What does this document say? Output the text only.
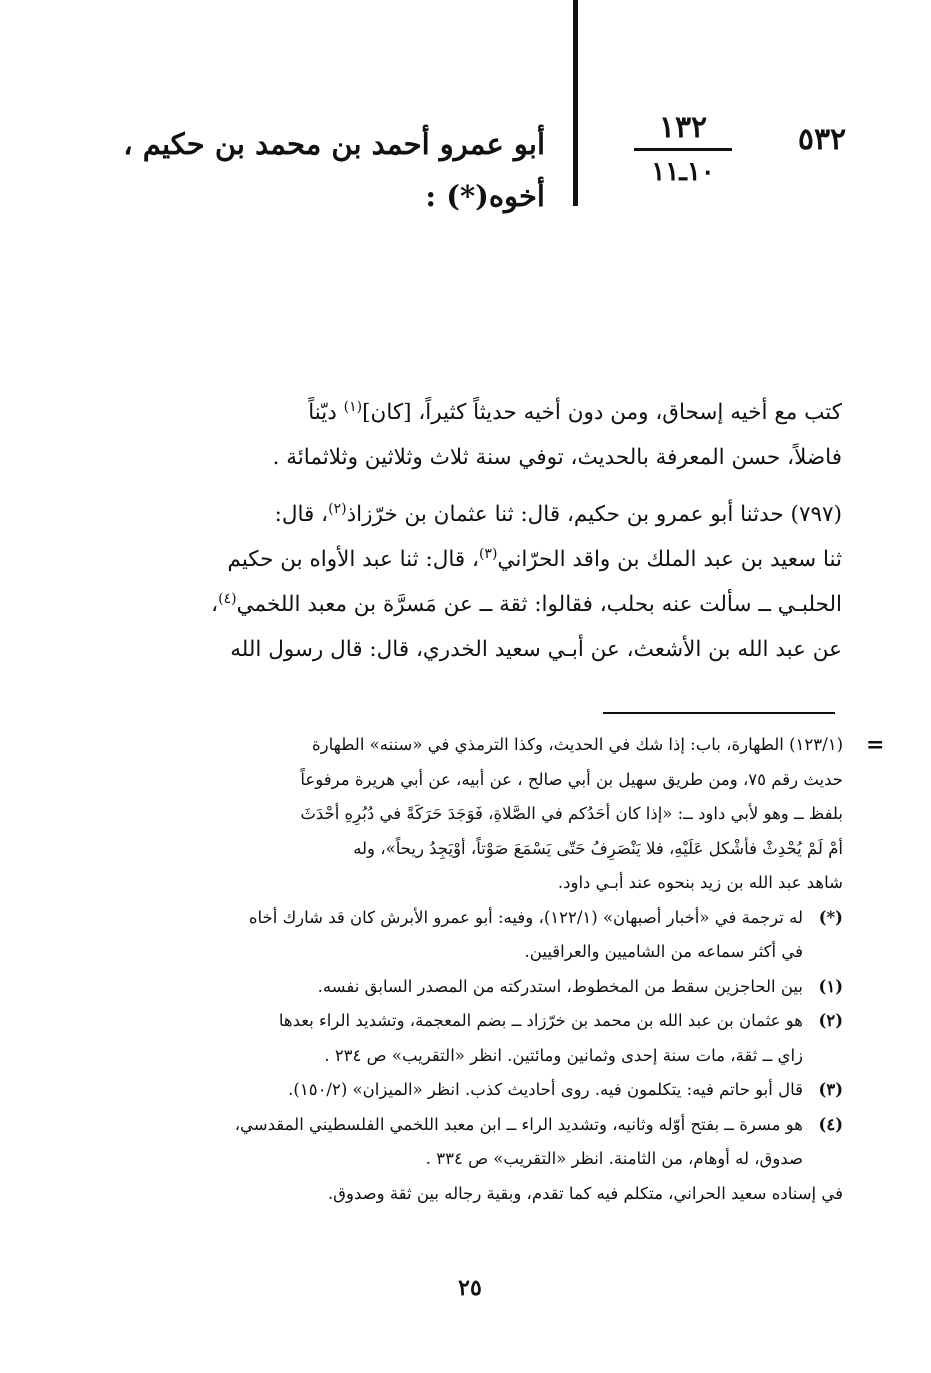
٥٣٢
١٣٢
١٠ـ١١
أبو عمرو أحمد بن محمد بن حكيم ،
أخوه(*) :

كتب مع أخيه إسحاق، ومن دون أخيه حديثاً كثيراً، [كان]$^{(١)}$ ديّناً
فاضلاً، حسن المعرفة بالحديث، توفي سنة ثلاث وثلاثين وثلاثمائة .

(٧٩٧) حدثنا أبو عمرو بن حكيم، قال: ثنا عثمان بن خرّزاذ$^{(٢)}$، قال:
ثنا سعيد بن عبد الملك بن واقد الحرّاني$^{(٣)}$، قال: ثنا عبد الأواه بن حكيم
الحلبـي ــ سألت عنه بحلب، فقالوا: ثقة ــ عن مَسرَّة بن معبد اللخمي$^{(٤)}$،
عن عبد الله بن الأشعث، عن أبـي سعيد الخدري، قال: قال رسول الله

=
(١٢٣/١) الطهارة، باب: إذا شك في الحديث، وكذا الترمذي في «سننه» الطهارة
حديث رقم ٧٥، ومن طريق سهيل بن أبي صالح ، عن أبيه، عن أبي هريرة مرفوعاً
بلفظ ــ وهو لأبي داود ــ: «إذا كان أحَدُكم في الصَّلاةِ، فَوَجَدَ حَرَكَةً في دُبُرِهِ أحْدَثَ
أمْ لَمْ يُحْدِثْ فأشْكل عَلَيْهِ، فلا يَنْصَرِفُ حَتّى يَسْمَعَ صَوْتاً، أوْيَجِدُ ريحاً»، وله
شاهد عبد الله بن زيد بنحوه عند أبـي داود.
(*)
له ترجمة في «أخبار أصبهان» (١٢٢/١)، وفيه: أبو عمرو الأبرش كان قد شارك أخاه
في أكثر سماعه من الشاميين والعراقيين.
(١)
بين الحاجزين سقط من المخطوط، استدركته من المصدر السابق نفسه.
(٢)
هو عثمان بن عبد الله بن محمد بن خرّزاد ــ بضم المعجمة، وتشديد الراء بعدها
زاي ــ ثقة، مات سنة إحدى وثمانين ومائتين. انظر «التقريب» ص ٢٣٤ .
(٣)
قال أبو حاتم فيه: يتكلمون فيه. روى أحاديث كذب. انظر «الميزان» (١٥٠/٢).
(٤)
هو مسرة ــ بفتح أوّله وثانيه، وتشديد الراء ــ ابن معبد اللخمي الفلسطيني المقدسي،
صدوق، له أوهام، من الثامنة. انظر «التقريب» ص ٣٣٤ .
في إسناده سعيد الحراني، متكلم فيه كما تقدم، وبقية رجاله بين ثقة وصدوق.
٢٥
